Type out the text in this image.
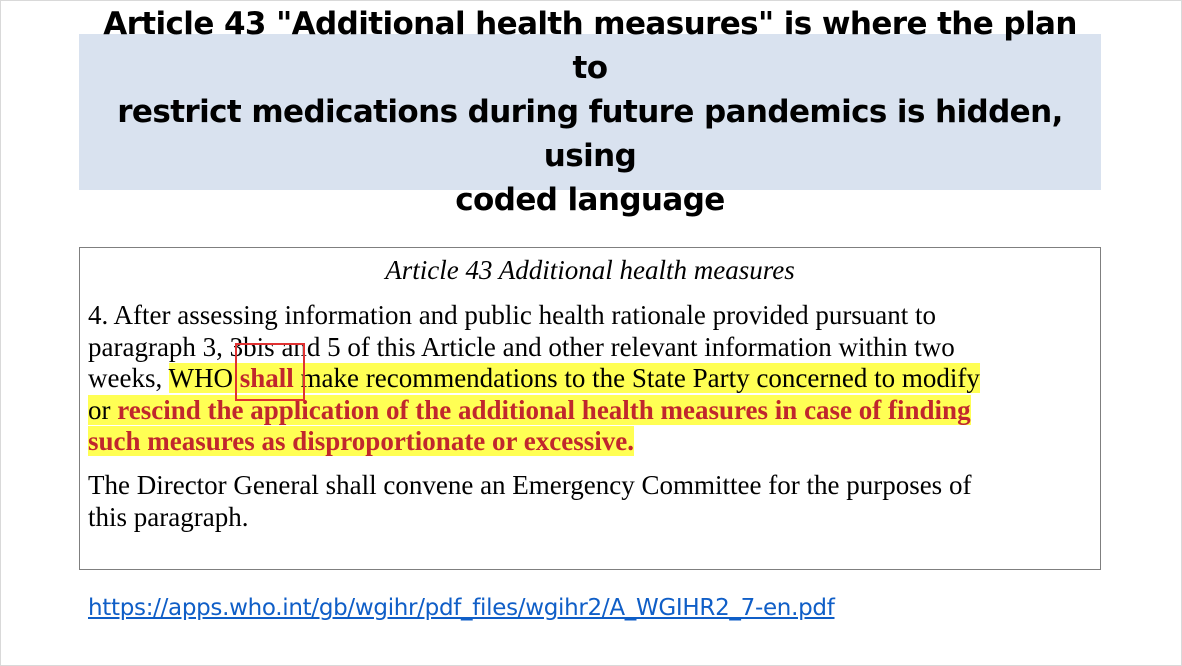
Article 43 "Additional health measures" is where the plan to
restrict medications during future pandemics is hidden, using
coded language
Article 43 Additional health measures
4. After assessing information and public health rationale provided pursuant to
paragraph 3, 3bis and 5 of this Article and other relevant information within two
weeks, WHO shall
make recommendations to the State Party concerned to modify
or rescind the application of the additional health measures in case of finding
such measures as disproportionate or excessive.
The Director General shall convene an Emergency Committee for the purposes of
this paragraph.
https://apps.who.int/gb/wgihr/pdf_files/wgihr2/A_WGIHR2_7-en.pdf
